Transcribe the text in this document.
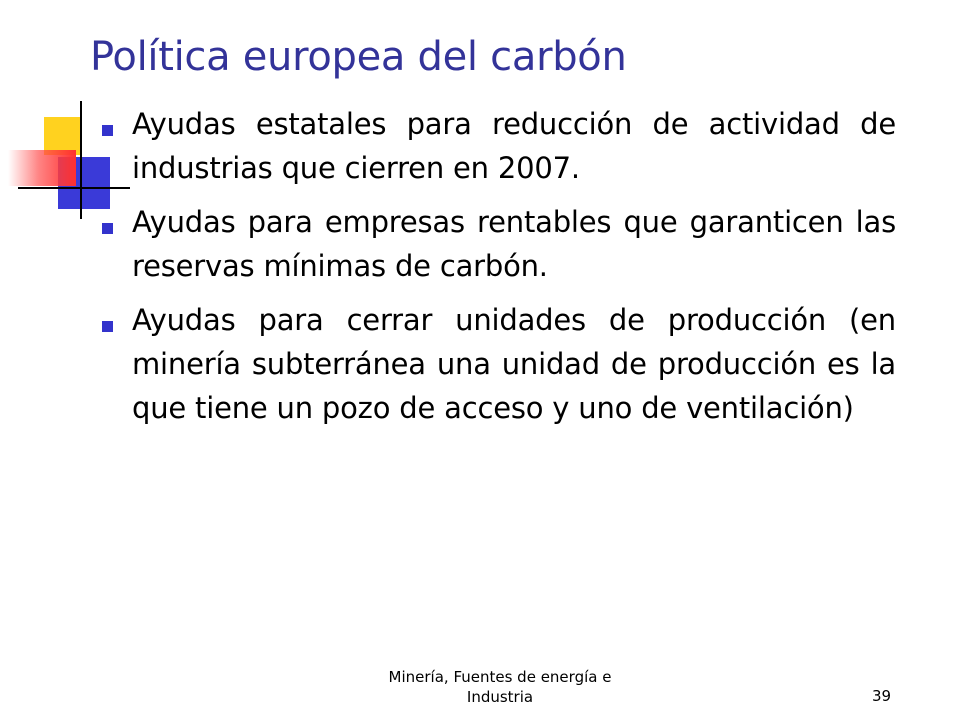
Política europea del carbón
Ayudas estatales para reducción de actividad de industrias que cierren en 2007.
Ayudas para empresas rentables que garanticen las reservas mínimas de carbón.
Ayudas para cerrar unidades de producción (en minería subterránea una unidad de producción es la que tiene un pozo de acceso y uno de ventilación)
Minería, Fuentes de energía e
Industria	39
